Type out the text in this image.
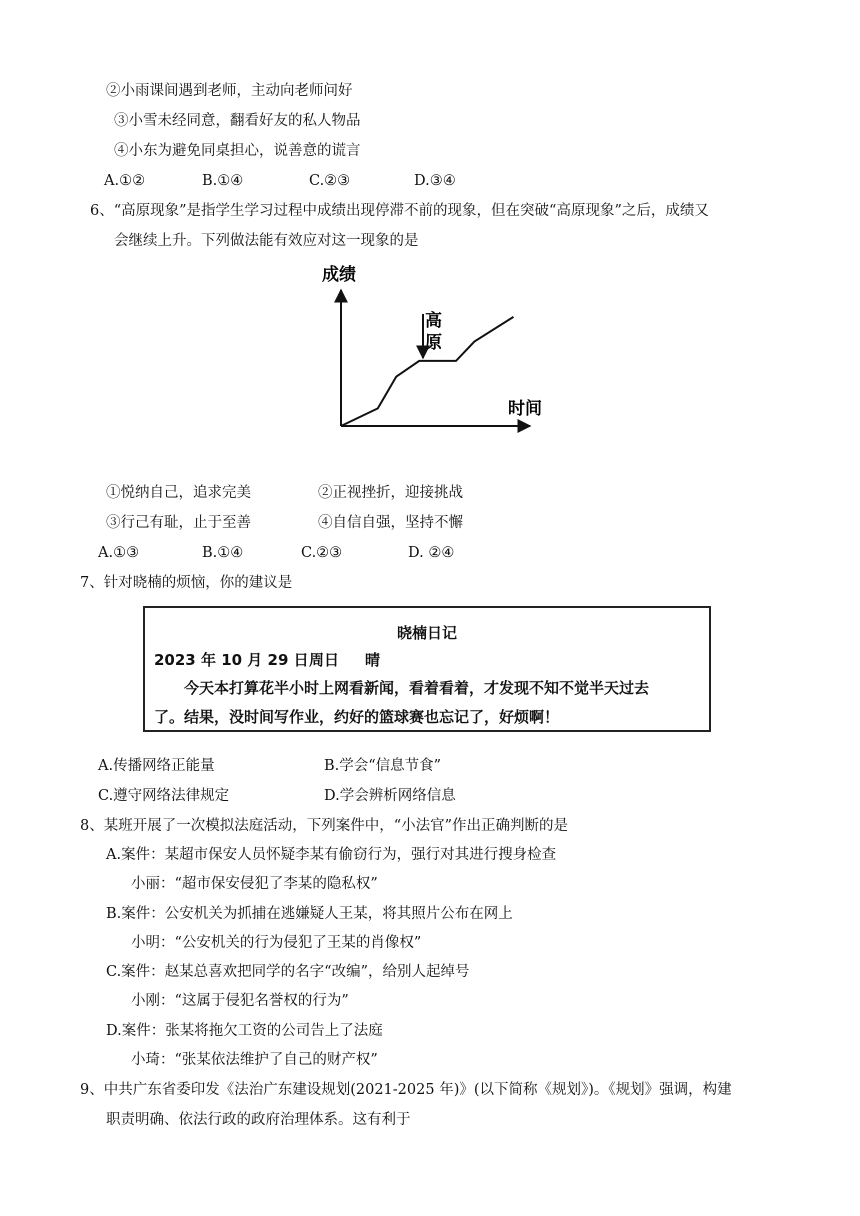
②小雨课间遇到老师，主动向老师问好
③小雪未经同意，翻看好友的私人物品
④小东为避免同桌担心，说善意的谎言
A.①②	B.①④	C.②③	D.③④
6、“高原现象”是指学生学习过程中成绩出现停滞不前的现象，但在突破“高原现象”之后，成绩又
会继续上升。下列做法能有效应对这一现象的是
成绩
时间
高
原
①悦纳自己，追求完美	②正视挫折，迎接挑战
③行己有耻，止于至善	④自信自强，坚持不懈
A.①③	B.①④	C.②③	D. ②④
7、针对晓楠的烦恼，你的建议是
晓楠日记
2023 年 10 月 29 日周日 晴
今天本打算花半小时上网看新闻，看着看着，才发现不知不觉半天过去
了。结果，没时间写作业，约好的篮球赛也忘记了，好烦啊！
A.传播网络正能量	B.学会“信息节食”
C.遵守网络法律规定	D.学会辨析网络信息
8、某班开展了一次模拟法庭活动，下列案件中，“小法官”作出正确判断的是
A.案件：某超市保安人员怀疑李某有偷窃行为，强行对其进行搜身检查
小丽：“超市保安侵犯了李某的隐私权”
B.案件：公安机关为抓捕在逃嫌疑人王某，将其照片公布在网上
小明：“公安机关的行为侵犯了王某的肖像权”
C.案件：赵某总喜欢把同学的名字“改编”，给别人起绰号
小刚：“这属于侵犯名誉权的行为”
D.案件：张某将拖欠工资的公司告上了法庭
小琦：“张某依法维护了自己的财产权”
9、中共广东省委印发《法治广东建设规划(2021-2025 年)》(以下简称《规划》)。《规划》强调，构建
职责明确、依法行政的政府治理体系。这有利于
